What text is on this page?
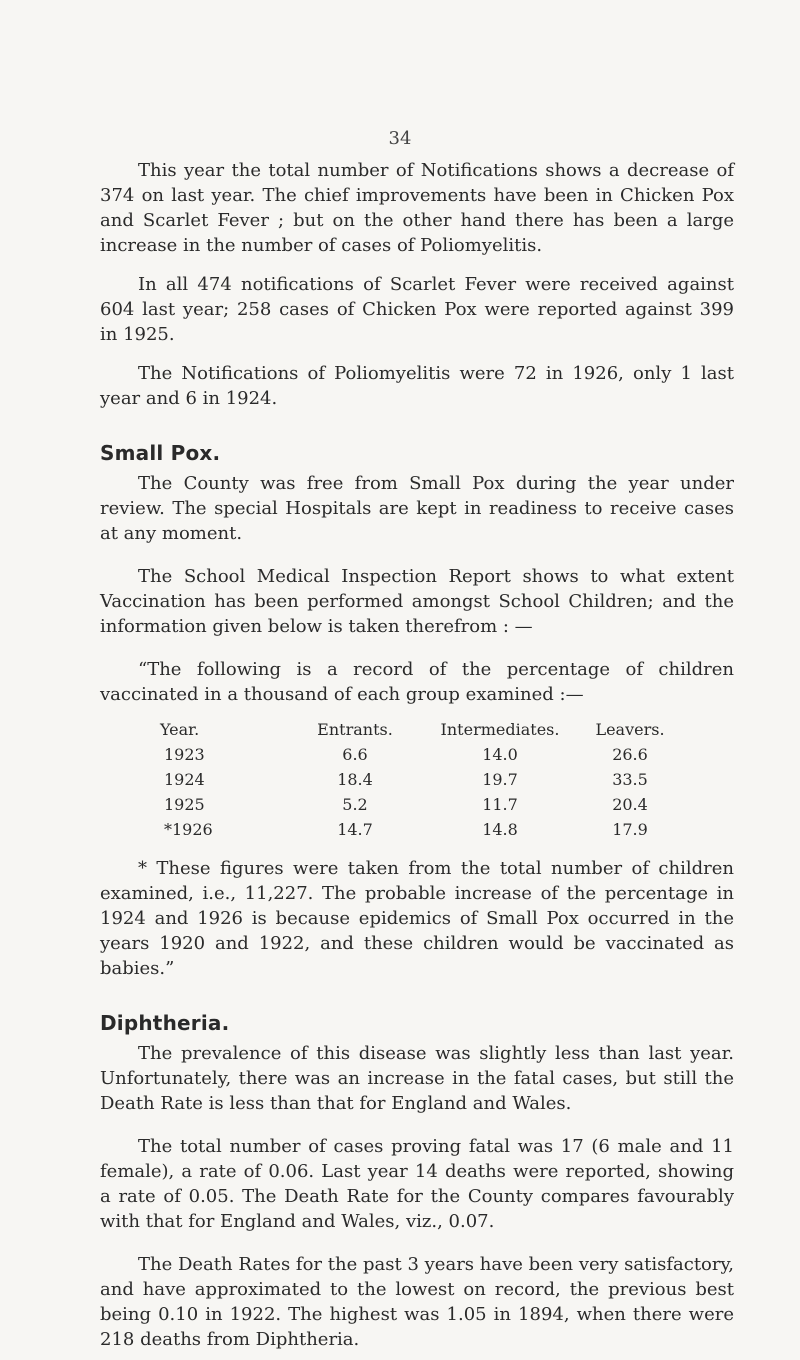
34

This year the total number of Notifications shows a decrease of 374 on last year. The chief improvements have been in Chicken Pox and Scarlet Fever ; but on the other hand there has been a large increase in the number of cases of Poliomyelitis.

In all 474 notifications of Scarlet Fever were received against 604 last year; 258 cases of Chicken Pox were reported against 399 in 1925.

The Notifications of Poliomyelitis were 72 in 1926, only 1 last year and 6 in 1924.

Small Pox.

The County was free from Small Pox during the year under review. The special Hospitals are kept in readiness to receive cases at any moment.

The School Medical Inspection Report shows to what extent Vaccination has been performed amongst School Children; and the information given below is taken therefrom : —

“The following is a record of the percentage of children vaccinated in a thousand of each group examined :—

Year.	Entrants.	Intermediates.	Leavers.
1923	6.6	14.0	26.6
1924	18.4	19.7	33.5
1925	5.2	11.7	20.4
*1926	14.7	14.8	17.9

* These figures were taken from the total number of children examined, i.e., 11,227. The probable increase of the percentage in 1924 and 1926 is because epidemics of Small Pox occurred in the years 1920 and 1922, and these children would be vaccinated as babies.”

Diphtheria.

The prevalence of this disease was slightly less than last year. Unfortunately, there was an increase in the fatal cases, but still the Death Rate is less than that for England and Wales.

The total number of cases proving fatal was 17 (6 male and 11 female), a rate of 0.06. Last year 14 deaths were reported, showing a rate of 0.05. The Death Rate for the County compares favourably with that for England and Wales, viz., 0.07.

The Death Rates for the past 3 years have been very satisfactory, and have approximated to the lowest on record, the previous best being 0.10 in 1922. The highest was 1.05 in 1894, when there were 218 deaths from Diphtheria.
